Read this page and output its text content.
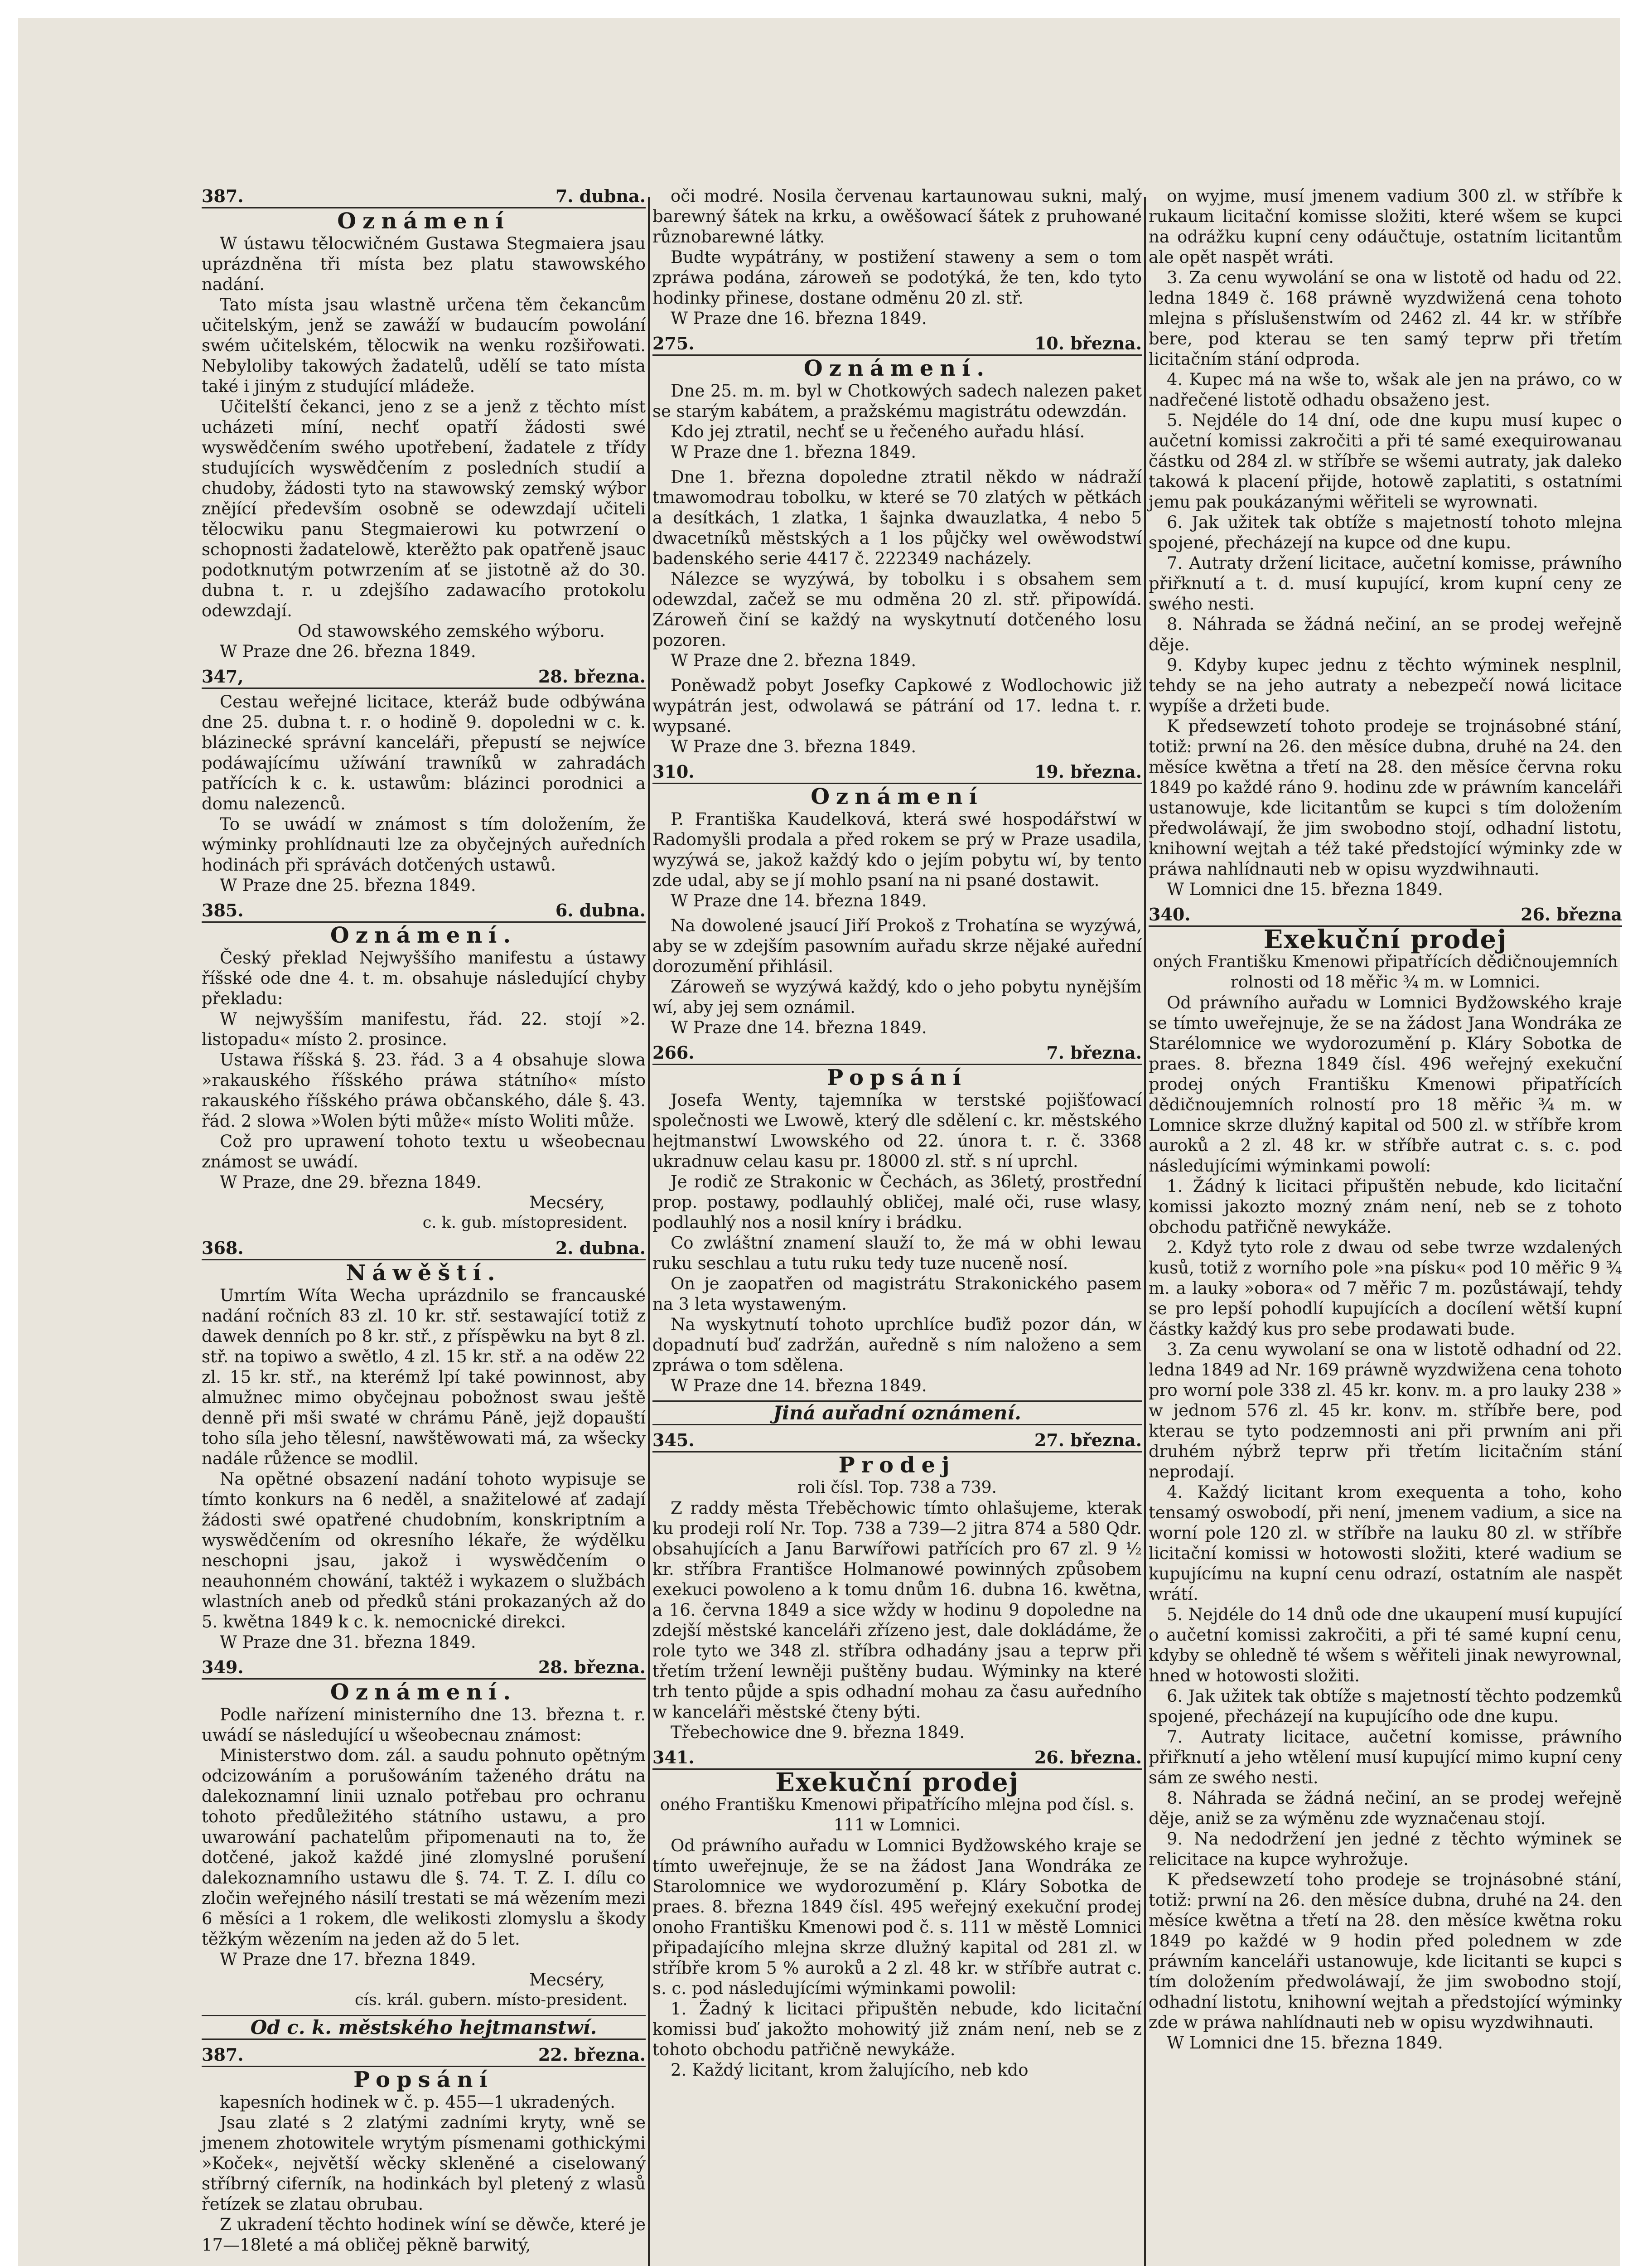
387.	7. dubna.
Oznámení

W ústawu tělocwičném Gustawa Stegmaiera jsau uprázdněna tři místa bez platu stawowského nadání.

Tato místa jsau wlastně určena těm čekancům učitelským, jenž se zawáží w budaucím powolání swém učitelském, tělocwik na wenku rozšiřowati. Nebyloliby takowých žadatelů, udělí se tato místa také i jiným z studující mládeže.

Učitelští čekanci, jeno z se a jenž z těchto míst ucházeti míní, nechť opatří žádosti swé wyswědčením swého upotřebení, žadatele z třídy studujících wyswědčením z posledních studií a chudoby, žádosti tyto na stawowský zemský wýbor znějící především osobně se odewzdají učiteli tělocwiku panu Stegmaierowi ku potwrzení o schopnosti žadatelowě, kterěžto pak opatřeně jsauc podotknutým potwrzením ať se jistotně až do 30. dubna t. r. u zdejšího zadawacího protokolu odewzdají.

Od stawowského zemského wýboru.
W Praze dne 26. března 1849.
347,	28. března.

Cestau weřejné licitace, kteráž bude odbýwána dne 25. dubna t. r. o hodině 9. dopoledni w c. k. blázinecké správní kanceláři, přepustí se nejwíce podáwajícímu užíwání trawníků w zahradách patřících k c. k. ustawům: blázinci porodnici a domu nalezenců.

To se uwádí w známost s tím doložením, že wýminky prohlídnauti lze za obyčejných auředních hodinách při správách dotčených ustawů.

W Praze dne 25. března 1849.
385.	6. dubna.
Oznámení.

Český překlad Nejwyššího manifestu a ústawy říšské ode dne 4. t. m. obsahuje následující chyby překladu:

W nejwyšším manifestu, řád. 22. stojí »2. listopadu« místo 2. prosince.

Ustawa říšská §. 23. řád. 3 a 4 obsahuje slowa »rakauského říšského práwa státního« místo rakauského říšského práwa občanského, dále §. 43. řád. 2 slowa »Wolen býti může« místo Woliti může.

Což pro uprawení tohoto textu u wšeobecnau známost se uwádí.

W Praze, dne 29. března 1849.
Mecséry,
c. k. gub. místopresident.
368.	2. dubna.
Náwěští.

Umrtím Wíta Wecha uprázdnilo se francauské nadání ročních 83 zl. 10 kr. stř. sestawající totiž z dawek denních po 8 kr. stř., z příspěwku na byt 8 zl. stř. na topiwo a swětlo, 4 zl. 15 kr. stř. a na oděw 22 zl. 15 kr. stř., na kterémž lpí také powinnost, aby almužnec mimo obyčejnau pobožnost swau ještě denně při mši swaté w chrámu Páně, jejž dopauští toho síla jeho tělesní, nawštěwowati má, za wšecky nadále růžence se modlil.

Na opětné obsazení nadání tohoto wypisuje se tímto konkurs na 6 neděl, a snažitelowé ať zadají žádosti swé opatřené chudobním, konskriptním a wyswědčením od okresního lékaře, že wýdělku neschopni jsau, jakož i wyswědčením o neauhonném chowání, taktéž i wykazem o službách wlastních aneb od předků stáni prokazaných až do 5. kwětna 1849 k c. k. nemocnické direkci.

W Praze dne 31. března 1849.
349.	28. března.
Oznámení.

Podle nařízení ministerního dne 13. března t. r. uwádí se následující u wšeobecnau známost:

Ministerstwo dom. zál. a saudu pohnuto opětným odcizowáním a porušowáním taženého drátu na dalekoznamní linii uznalo potřebau pro ochranu tohoto předůležitého státního ustawu, a pro uwarowání pachatelům připomenauti na to, že dotčené, jakož každé jiné zlomyslné porušení dalekoznamního ustawu dle §. 74. T. Z. I. dílu co zločin weřejného násilí trestati se má wězením mezi 6 měsíci a 1 rokem, dle welikosti zlomyslu a škody těžkým wězením na jeden až do 5 let.

W Praze dne 17. března 1849.
Mecséry,
cís. král. gubern. místo-president.
Od c. k. městského hejtmanstwí.
387.	22. března.
Popsání

kapesních hodinek w č. p. 455—1 ukradených.

Jsau zlaté s 2 zlatými zadními kryty, wně se jmenem zhotowitele wrytým písmenami gothickými »Koček«, největší wěcky skleněné a ciselowaný stříbrný ciferník, na hodinkách byl pletený z wlasů řetízek se zlatau obrubau.

Z ukradení těchto hodinek wíní se děwče, které je 17—18leté a má obličej pěkně barwitý,

oči modré. Nosila červenau kartaunowau sukni, malý barewný šátek na krku, a owěšowací šátek z pruhowané různobarewné látky.

Budte wypátrány, w postižení staweny a sem o tom zpráwa podána, zároweň se podotýká, že ten, kdo tyto hodinky přinese, dostane odměnu 20 zl. stř.

W Praze dne 16. března 1849.
275.	10. března.
Oznámení.

Dne 25. m. m. byl w Chotkowých sadech nalezen paket se starým kabátem, a pražskému magistrátu odewzdán.

Kdo jej ztratil, nechť se u řečeného auřadu hlásí.

W Praze dne 1. března 1849.

Dne 1. března dopoledne ztratil někdo w nádraží tmawomodrau tobolku, w které se 70 zlatých w pětkách a desítkách, 1 zlatka, 1 šajnka dwauzlatka, 4 nebo 5 dwacetníků městských a 1 los půjčky wel owěwodstwí badenského serie 4417 č. 222349 nacházely.

Nálezce se wyzýwá, by tobolku i s obsahem sem odewzdal, začež se mu odměna 20 zl. stř. připowídá. Zároweň činí se každý na wyskytnutí dotčeného losu pozoren.

W Praze dne 2. března 1849.

Poněwadž pobyt Josefky Capkowé z Wodlochowic již wypátrán jest, odwolawá se pátrání od 17. ledna t. r. wypsané.

W Praze dne 3. března 1849.
310.	19. března.
Oznámení

P. Františka Kaudelková, která swé hospodářstwí w Radomyšli prodala a před rokem se prý w Praze usadila, wyzýwá se, jakož každý kdo o jejím pobytu wí, by tento zde udal, aby se jí mohlo psaní na ni psané dostawit.

W Praze dne 14. března 1849.

Na dowolené jsaucí Jiří Prokoš z Trohatína se wyzýwá, aby se w zdejším pasowním auřadu skrze nějaké auřední dorozumění přihlásil.

Zároweň se wyzýwá každý, kdo o jeho pobytu nynějším wí, aby jej sem oznámil.

W Praze dne 14. března 1849.
266.	7. března.
Popsání

Josefa Wenty, tajemníka w terstské pojišťowací společnosti we Lwowě, který dle sdělení c. kr. městského hejtmanstwí Lwowského od 22. února t. r. č. 3368 ukradnuw celau kasu pr. 18000 zl. stř. s ní uprchl.

Je rodič ze Strakonic w Čechách, as 36letý, prostřední prop. postawy, podlauhlý obličej, malé oči, ruse wlasy, podlauhlý nos a nosil kníry i brádku.

Co zwláštní znamení slauží to, že má w obhi lewau ruku seschlau a tutu ruku tedy tuze nuceně nosí.

On je zaopatřen od magistrátu Strakonického pasem na 3 leta wystaweným.

Na wyskytnutí tohoto uprchlíce buďiž pozor dán, w dopadnutí buď zadržán, auředně s ním naloženo a sem zpráwa o tom sdělena.

W Praze dne 14. března 1849.
Jiná auřadní oznámení.
345.	27. března.
Prodej
roli čísl. Top. 738 a 739.

Z raddy města Třeběchowic tímto ohlašujeme, kterak ku prodeji rolí Nr. Top. 738 a 739—2 jitra 874 a 580 Qdr. obsahujících a Janu Barwířowi patřících pro 67 zl. 9 ½ kr. stříbra Františce Holmanowé powinných způsobem exekuci powoleno a k tomu dnům 16. dubna 16. kwětna, a 16. června 1849 a sice wždy w hodinu 9 dopoledne na zdejší městské kanceláři zřízeno jest, dale dokládáme, že role tyto we 348 zl. stříbra odhadány jsau a teprw při třetím tržení lewněji puštěny budau. Wýminky na které trh tento půjde a spis odhadní mohau za času auředního w kanceláři městské čteny býti.

Třebechowice dne 9. března 1849.
341.	26. března.
Exekuční prodej
oného Františku Kmenowi připatřícího mlejna pod čísl. s. 111 w Lomnici.

Od práwního auřadu w Lomnici Bydžowského kraje se tímto uweřejnuje, že se na žádost Jana Wondráka ze Starolomnice we wydorozumění p. Kláry Sobotka de praes. 8. března 1849 čísl. 495 weřejný exekuční prodej onoho Františku Kmenowi pod č. s. 111 w městě Lomnici připadajícího mlejna skrze dlužný kapital od 281 zl. w stříbře krom 5 % auroků a 2 zl. 48 kr. w stříbře autrat c. s. c. pod následujícími wýminkami powolil:

1. Žadný k licitaci připuštěn nebude, kdo licitační komissi buď jakožto mohowitý již znám není, neb se z tohoto obchodu patřičně newykáže.

2. Každý licitant, krom žalujícího, neb kdo

on wyjme, musí jmenem vadium 300 zl. w stříbře k rukaum licitační komisse složiti, které wšem se kupci na odrážku kupní ceny odáučtuje, ostatním licitantům ale opět naspět wráti.

3. Za cenu wywolání se ona w listotě od hadu od 22. ledna 1849 č. 168 práwně wyzdwižená cena tohoto mlejna s příslušenstwím od 2462 zl. 44 kr. w stříbře bere, pod kterau se ten samý teprw při třetím licitačním stání odproda.

4. Kupec má na wše to, wšak ale jen na práwo, co w nadřečené listotě odhadu obsaženo jest.

5. Nejdéle do 14 dní, ode dne kupu musí kupec o aučetní komissi zakročiti a při té samé exequirowanau částku od 284 zl. w stříbře se wšemi autraty, jak daleko takowá k placení přijde, hotowě zaplatiti, s ostatními jemu pak poukázanými wěřiteli se wyrownati.

6. Jak užitek tak obtíže s majetností tohoto mlejna spojené, přecházejí na kupce od dne kupu.

7. Autraty držení licitace, aučetní komisse, práwního přiřknutí a t. d. musí kupující, krom kupní ceny ze swého nesti.

8. Náhrada se žádná nečiní, an se prodej weřejně děje.

9. Kdyby kupec jednu z těchto wýminek nesplnil, tehdy se na jeho autraty a nebezpečí nowá licitace wypíše a držeti bude.

K předsewzetí tohoto prodeje se trojnásobné stání, totiž: prwní na 26. den měsíce dubna, druhé na 24. den měsíce kwětna a třetí na 28. den měsíce června roku 1849 po každé ráno 9. hodinu zde w práwním kanceláři ustanowuje, kde licitantům se kupci s tím doložením předwoláwají, že jim swobodno stojí, odhadní listotu, knihowní wejtah a též také předstojící wýminky zde w práwa nahlídnauti neb w opisu wyzdwihnauti.

W Lomnici dne 15. března 1849.
340.	26. března
Exekuční prodej
oných Františku Kmenowi připatřících dědičnoujemních rolnosti od 18 měřic ¾ m. w Lomnici.

Od práwního auřadu w Lomnici Bydžowského kraje se tímto uweřejnuje, že se na žádost Jana Wondráka ze Starélomnice we wydorozumění p. Kláry Sobotka de praes. 8. března 1849 čísl. 496 weřejný exekuční prodej oných Františku Kmenowi připatřících dědičnoujemních rolností pro 18 měřic ¾ m. w Lomnice skrze dlužný kapital od 500 zl. w stříbře krom auroků a 2 zl. 48 kr. w stříbře autrat c. s. c. pod následujícími wýminkami powolí:

1. Žádný k licitaci připuštěn nebude, kdo licitační komissi jakozto mozný znám není, neb se z tohoto obchodu patřičně newykáže.

2. Když tyto role z dwau od sebe twrze wzdalených kusů, totiž z worního pole »na písku« pod 10 měřic 9 ¾ m. a lauky »obora« od 7 měřic 7 m. pozůstáwají, tehdy se pro lepší pohodlí kupujících a docílení wětší kupní částky každý kus pro sebe prodawati bude.

3. Za cenu wywolaní se ona w listotě odhadní od 22. ledna 1849 ad Nr. 169 práwně wyzdwižena cena tohoto pro worní pole 338 zl. 45 kr. konv. m. a pro lauky 238 » w jednom 576 zl. 45 kr. konv. m. stříbře bere, pod kterau se tyto podzemnosti ani při prwním ani při druhém nýbrž teprw při třetím licitačním stání neprodají.

4. Každý licitant krom exequenta a toho, koho tensamý oswobodí, při není, jmenem vadium, a sice na worní pole 120 zl. w stříbře na lauku 80 zl. w stříbře licitační komissi w hotowosti složiti, které wadium se kupujícímu na kupní cenu odrazí, ostatním ale naspět wrátí.

5. Nejdéle do 14 dnů ode dne ukaupení musí kupující o aučetní komissi zakročiti, a při té samé kupní cenu, kdyby se ohledně té wšem s wěřiteli jinak newyrownal, hned w hotowosti složiti.

6. Jak užitek tak obtíže s majetností těchto podzemků spojené, přecházejí na kupujícího ode dne kupu.

7. Autraty licitace, aučetní komisse, práwního přiřknutí a jeho wtělení musí kupující mimo kupní ceny sám ze swého nesti.

8. Náhrada se žádná nečiní, an se prodej weřejně děje, aniž se za wýměnu zde wyznačenau stojí.

9. Na nedodržení jen jedné z těchto wýminek se relicitace na kupce wyhrožuje.

K předsewzetí toho prodeje se trojnásobné stání, totiž: prwní na 26. den měsíce dubna, druhé na 24. den měsíce kwětna a třetí na 28. den měsíce kwětna roku 1849 po každé w 9 hodin před polednem w zde práwním kanceláři ustanowuje, kde licitanti se kupci s tím doložením předwoláwají, že jim swobodno stojí, odhadní listotu, knihowní wejtah a předstojící wýminky zde w práwa nahlídnauti neb w opisu wyzdwihnauti.

W Lomnici dne 15. března 1849.
